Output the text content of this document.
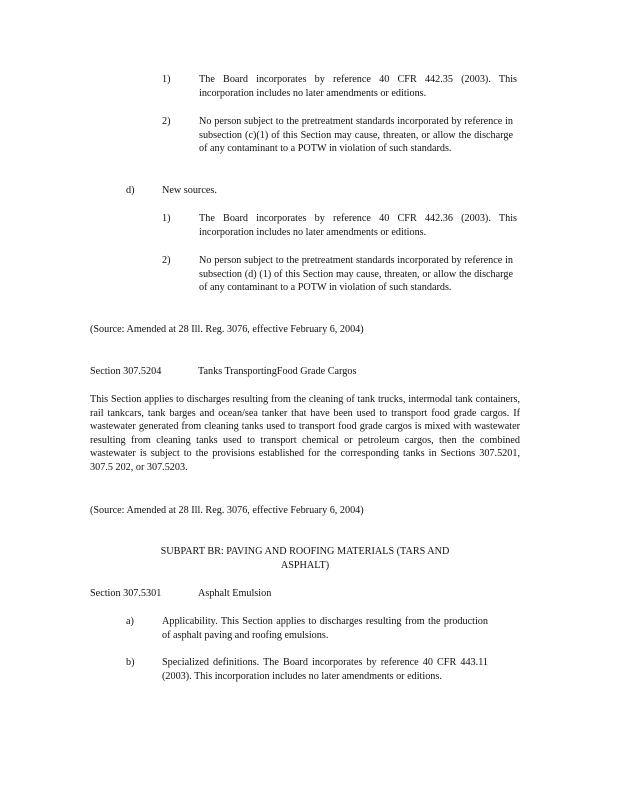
1)	The Board incorporates by reference 40 CFR 442.35 (2003). This incorporation includes no later amendments or editions.
2)	No person subject to the pretreatment standards incorporated by reference in subsection (c)(1) of this Section may cause, threaten, or allow the discharge of any contaminant to a POTW in violation of such standards.
d)	New sources.
1)	The Board incorporates by reference 40 CFR 442.36 (2003). This incorporation includes no later amendments or editions.
2)	No person subject to the pretreatment standards incorporated by reference in subsection (d) (1) of this Section may cause, threaten, or allow the discharge of any contaminant to a POTW in violation of such standards.
(Source: Amended at 28 Ill. Reg. 3076, effective February 6, 2004)
Section 307.5204	Tanks TransportingFood Grade Cargos
This Section applies to discharges resulting from the cleaning of tank trucks, intermodal tank containers, rail tankcars, tank barges and ocean/sea tanker that have been used to transport food grade cargos. If wastewater generated from cleaning tanks used to transport food grade cargos is mixed with wastewater resulting from cleaning tanks used to transport chemical or petroleum cargos, then the combined wastewater is subject to the provisions established for the corresponding tanks in Sections 307.5201, 307.5 202, or 307.5203.
(Source: Amended at 28 Ill. Reg. 3076, effective February 6, 2004)
SUBPART BR: PAVING AND ROOFING MATERIALS (TARS AND
ASPHALT)
Section 307.5301	Asphalt Emulsion
a)	Applicability. This Section applies to discharges resulting from the production of asphalt paving and roofing emulsions.
b)	Specialized definitions. The Board incorporates by reference 40 CFR 443.11 (2003). This incorporation includes no later amendments or editions.
